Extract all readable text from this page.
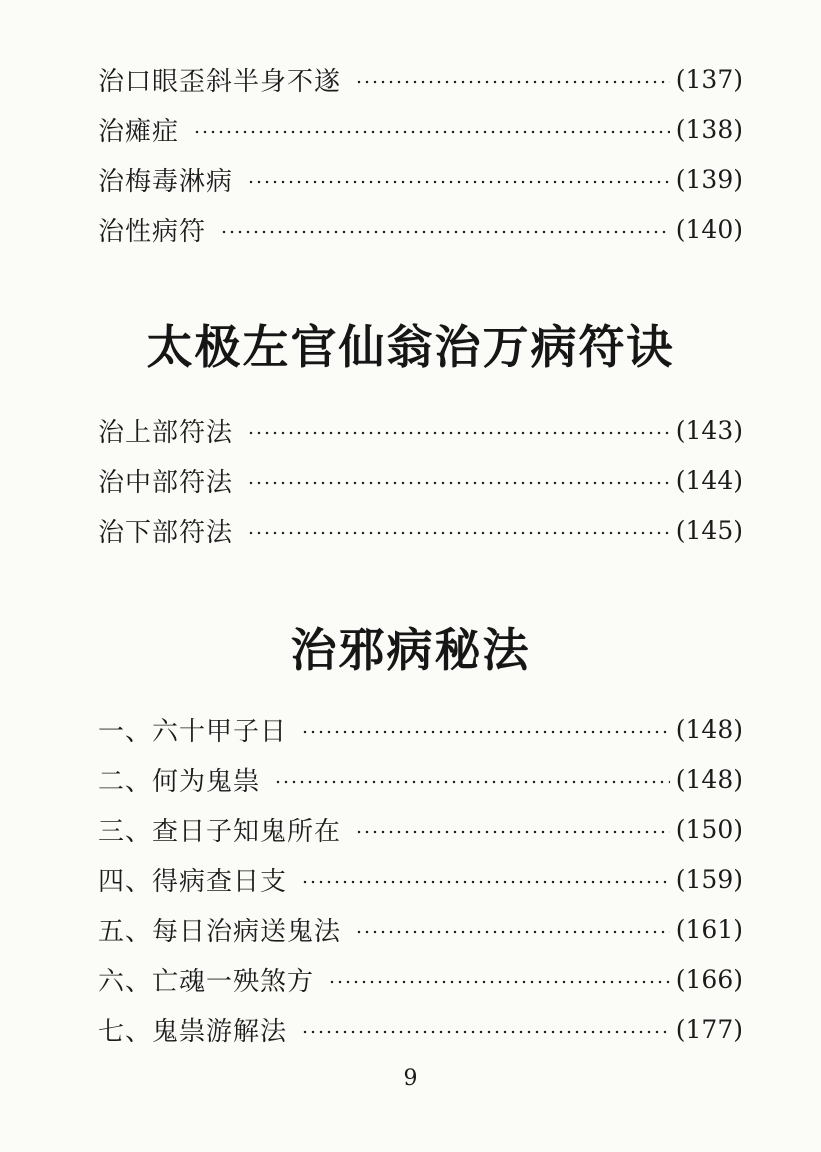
治口眼歪斜半身不遂	(137)
治瘫症	(138)
治梅毒淋病	(139)
治性病符	(140)
太极左官仙翁治万病符诀
治上部符法	(143)
治中部符法	(144)
治下部符法	(145)
治邪病秘法
一、六十甲子日	(148)
二、何为鬼祟	(148)
三、查日子知鬼所在	(150)
四、得病查日支	(159)
五、每日治病送鬼法	(161)
六、亡魂一殃煞方	(166)
七、鬼祟游解法	(177)
9
